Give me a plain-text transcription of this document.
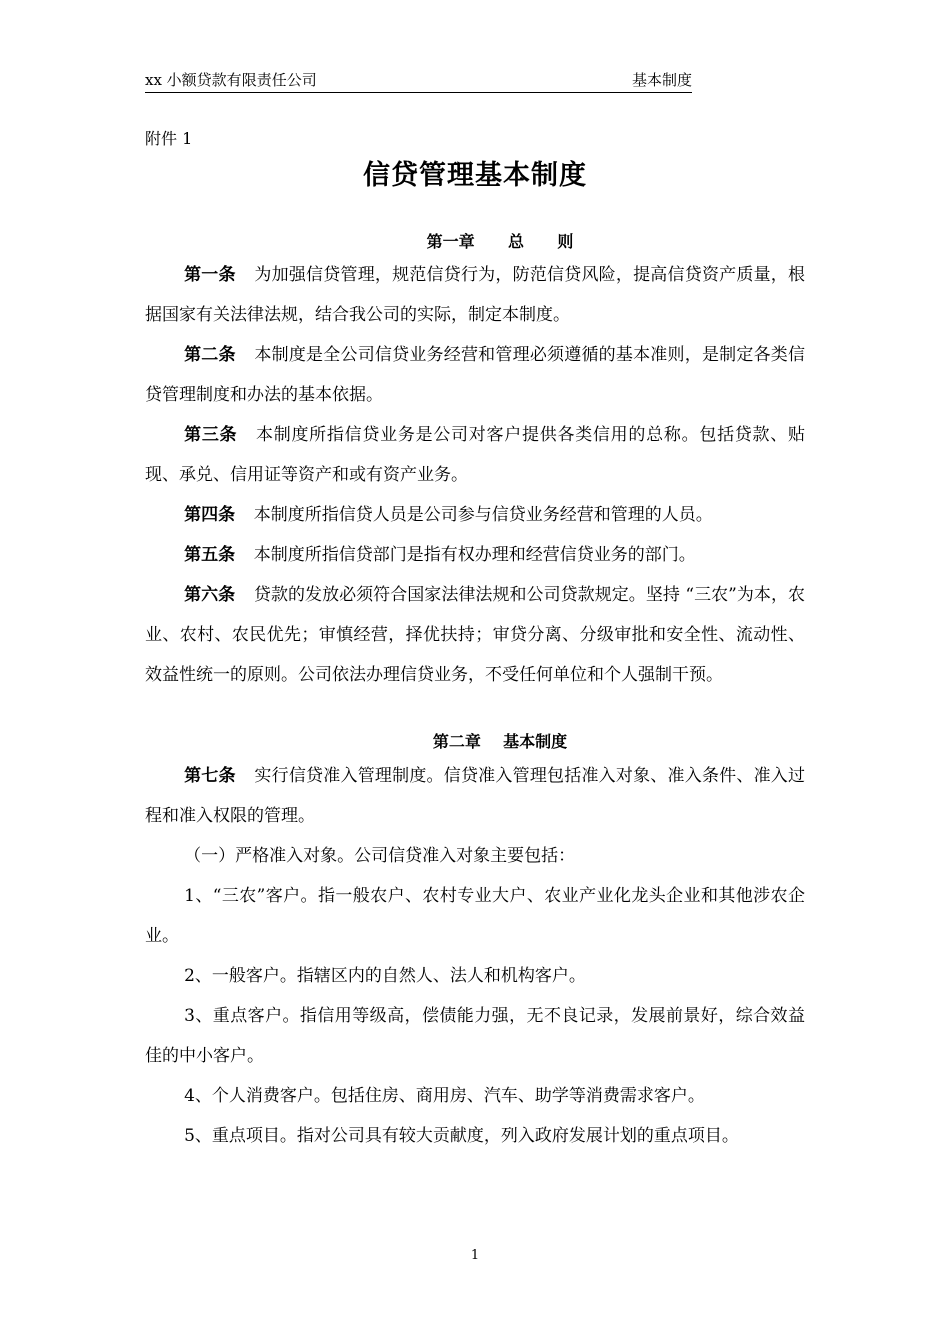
xx 小额贷款有限责任公司	基本制度
附件 1
信贷管理基本制度
第一章      总      则

第一条 为加强信贷管理，规范信贷行为，防范信贷风险，提高信贷资产质量，根据国家有关法律法规，结合我公司的实际，制定本制度。

第二条 本制度是全公司信贷业务经营和管理必须遵循的基本准则，是制定各类信贷管理制度和办法的基本依据。

第三条 本制度所指信贷业务是公司对客户提供各类信用的总称。包括贷款、贴现、承兑、信用证等资产和或有资产业务。

第四条 本制度所指信贷人员是公司参与信贷业务经营和管理的人员。

第五条 本制度所指信贷部门是指有权办理和经营信贷业务的部门。

第六条 贷款的发放必须符合国家法律法规和公司贷款规定。坚持 “三农”为本，农业、农村、农民优先；审慎经营，择优扶持；审贷分离、分级审批和安全性、流动性、效益性统一的原则。公司依法办理信贷业务，不受任何单位和个人强制干预。

第二章    基本制度

第七条 实行信贷准入管理制度。信贷准入管理包括准入对象、准入条件、准入过程和准入权限的管理。

（一）严格准入对象。公司信贷准入对象主要包括：

1、“三农”客户。指一般农户、农村专业大户、农业产业化龙头企业和其他涉农企业。

2、一般客户。指辖区内的自然人、法人和机构客户。

3、重点客户。指信用等级高，偿债能力强，无不良记录，发展前景好，综合效益佳的中小客户。

4、个人消费客户。包括住房、商用房、汽车、助学等消费需求客户。

5、重点项目。指对公司具有较大贡献度，列入政府发展计划的重点项目。

1
